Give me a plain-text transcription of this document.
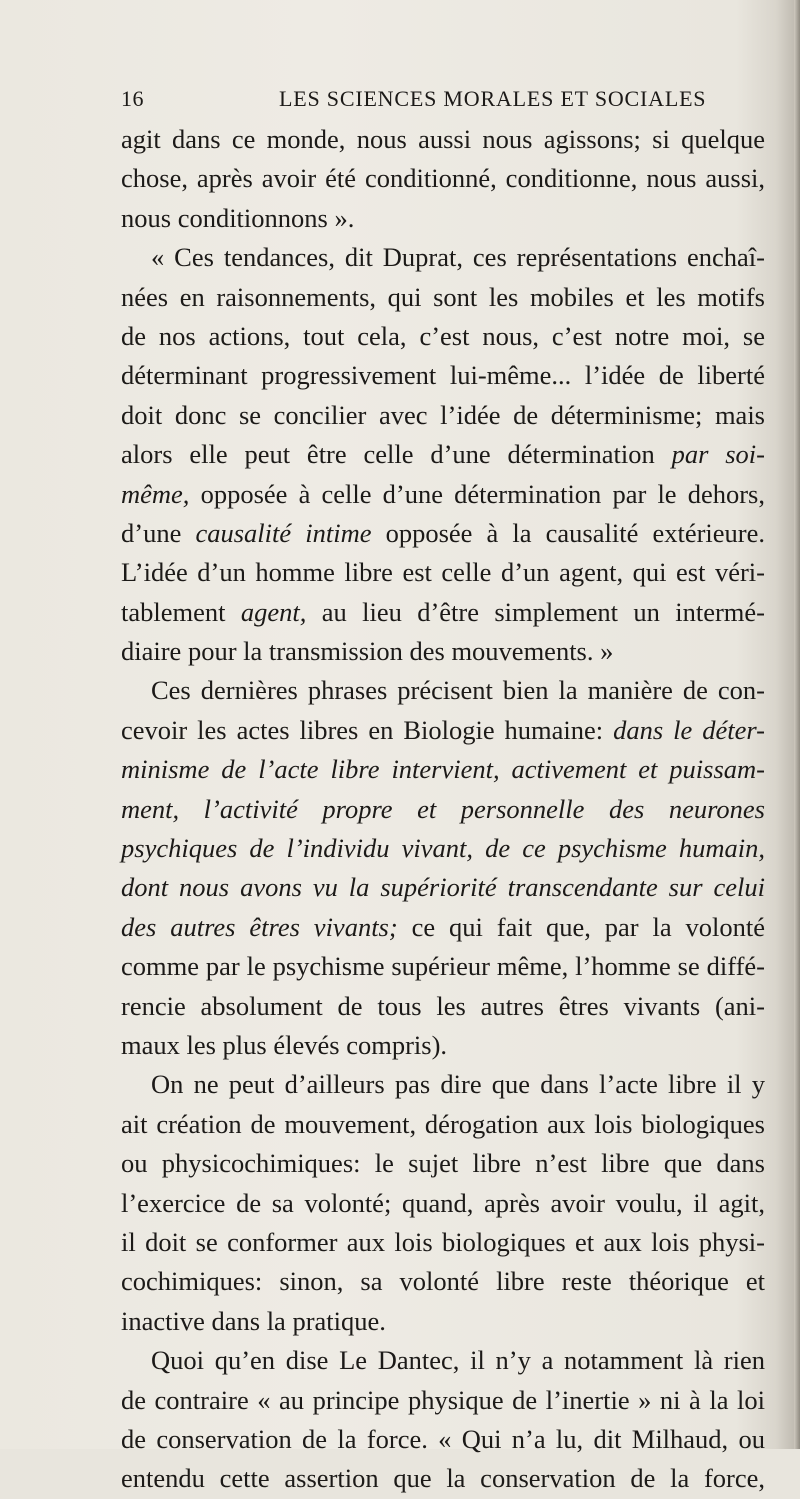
16	LES SCIENCES MORALES ET SOCIALES
agit dans ce monde, nous aussi nous agissons; si quelque
chose, après avoir été conditionné, conditionne, nous aussi,
nous conditionnons ».
« Ces tendances, dit Duprat, ces représentations enchaî-
nées en raisonnements, qui sont les mobiles et les motifs
de nos actions, tout cela, c’est nous, c’est notre moi, se
déterminant progressivement lui-même... l’idée de liberté
doit donc se concilier avec l’idée de déterminisme; mais
alors elle peut être celle d’une détermination par soi-
même, opposée à celle d’une détermination par le dehors,
d’une causalité intime opposée à la causalité extérieure.
L’idée d’un homme libre est celle d’un agent, qui est véri-
tablement agent, au lieu d’être simplement un intermé-
diaire pour la transmission des mouvements. »
Ces dernières phrases précisent bien la manière de con-
cevoir les actes libres en Biologie humaine: dans le déter-
minisme de l’acte libre intervient, activement et puissam-
ment, l’activité propre et personnelle des neurones
psychiques de l’individu vivant, de ce psychisme humain,
dont nous avons vu la supériorité transcendante sur celui
des autres êtres vivants; ce qui fait que, par la volonté
comme par le psychisme supérieur même, l’homme se diffé-
rencie absolument de tous les autres êtres vivants (ani-
maux les plus élevés compris).
On ne peut d’ailleurs pas dire que dans l’acte libre il y
ait création de mouvement, dérogation aux lois biologiques
ou physicochimiques: le sujet libre n’est libre que dans
l’exercice de sa volonté; quand, après avoir voulu, il agit,
il doit se conformer aux lois biologiques et aux lois physi-
cochimiques: sinon, sa volonté libre reste théorique et
inactive dans la pratique.
Quoi qu’en dise Le Dantec, il n’y a notamment là rien
de contraire « au principe physique de l’inertie » ni à la loi
de conservation de la force. « Qui n’a lu, dit Milhaud, ou
entendu cette assertion que la conservation de la force,
